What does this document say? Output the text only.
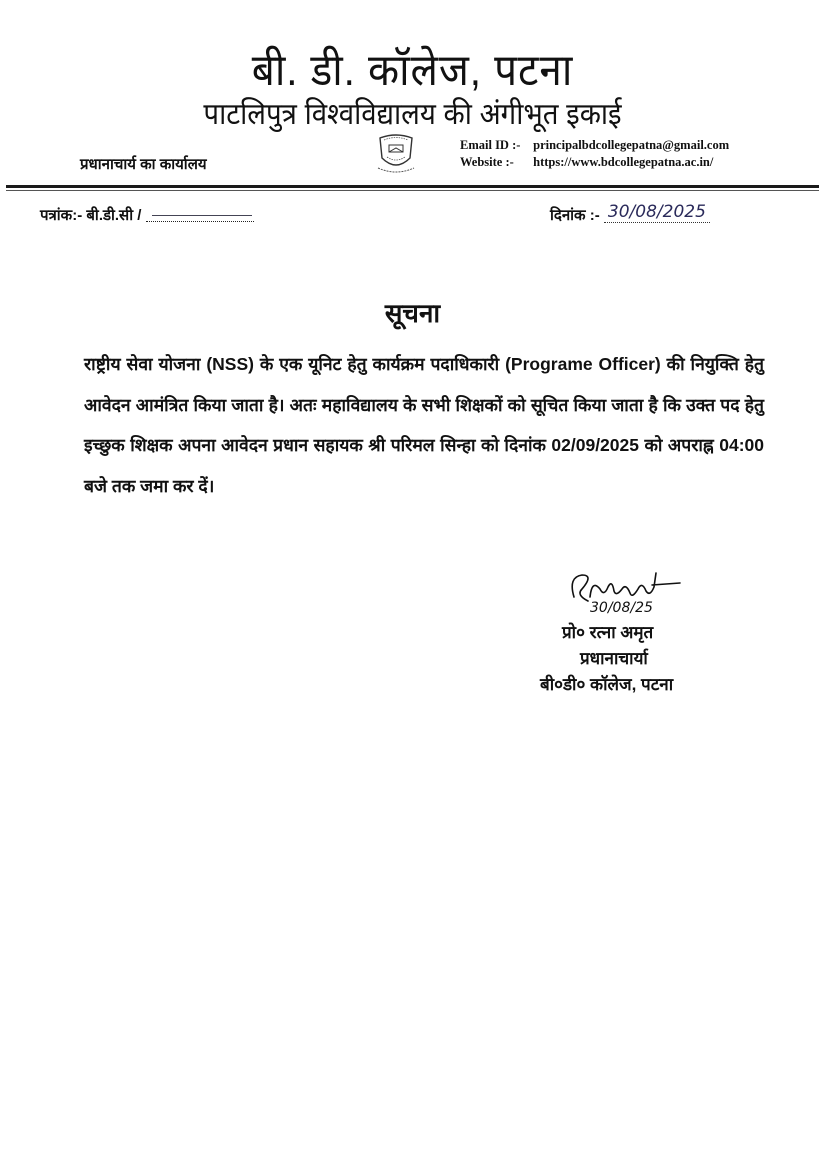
बी. डी. कॉलेज, पटना
पाटलिपुत्र विश्वविद्यालय की अंगीभूत इकाई
प्रधानाचार्य का कार्यालय
Email ID :- principalbdcollegepatna@gmail.com
Website :- https://www.bdcollegepatna.ac.in/
पत्रांक:- बी.डी.सी /	दिनांक :- 30/08/2025
सूचना
राष्ट्रीय सेवा योजना (NSS) के एक यूनिट हेतु कार्यक्रम पदाधिकारी (Programe Officer) की नियुक्ति हेतु आवेदन आमंत्रित किया जाता है। अतः महाविद्यालय के सभी शिक्षकों को सूचित किया जाता है कि उक्त पद हेतु इच्छुक शिक्षक अपना आवेदन प्रधान सहायक श्री परिमल सिन्हा को दिनांक 02/09/2025 को अपराह्न 04:00 बजे तक जमा कर दें।
30/08/25
प्रो० रत्ना अमृत
प्रधानाचार्या
बी०डी० कॉलेज, पटना
